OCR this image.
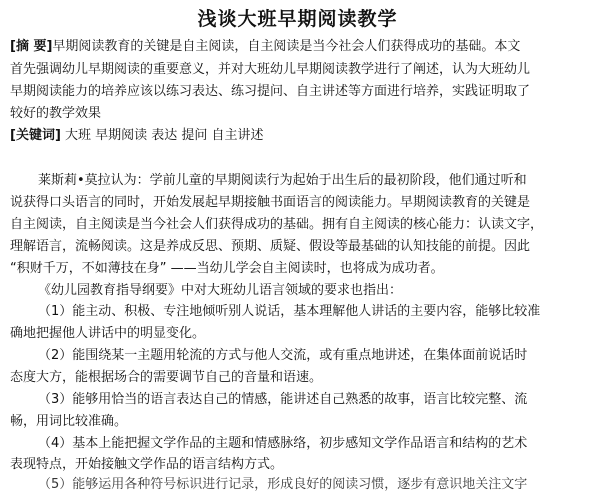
浅谈大班早期阅读教学
[摘 要]早期阅读教育的关键是自主阅读，自主阅读是当今社会人们获得成功的基础。本文
首先强调幼儿早期阅读的重要意义，并对大班幼儿早期阅读教学进行了阐述，认为大班幼儿
早期阅读能力的培养应该以练习表达、练习提问、自主讲述等方面进行培养，实践证明取了
较好的教学效果
[关键词] 大班 早期阅读 表达 提问 自主讲述
莱斯莉•莫拉认为：学前儿童的早期阅读行为起始于出生后的最初阶段，他们通过听和
说获得口头语言的同时，开始发展起早期接触书面语言的阅读能力。早期阅读教育的关键是
自主阅读，自主阅读是当今社会人们获得成功的基础。拥有自主阅读的核心能力：认读文字，
理解语言，流畅阅读。这是养成反思、预期、质疑、假设等最基础的认知技能的前提。因此
“积财千万，不如薄技在身” ——当幼儿学会自主阅读时，也将成为成功者。
《幼儿园教育指导纲要》中对大班幼儿语言领域的要求也指出：
（1）能主动、积极、专注地倾听别人说话，基本理解他人讲话的主要内容，能够比较准
确地把握他人讲话中的明显变化。
（2）能围绕某一主题用轮流的方式与他人交流，或有重点地讲述，在集体面前说话时
态度大方，能根据场合的需要调节自己的音量和语速。
（3）能够用恰当的语言表达自己的情感，能讲述自己熟悉的故事，语言比较完整、流
畅，用词比较准确。
（4）基本上能把握文学作品的主题和情感脉络，初步感知文学作品语言和结构的艺术
表现特点，开始接触文学作品的语言结构方式。
（5）能够运用各种符号标识进行记录，形成良好的阅读习惯，逐步有意识地关注文字
